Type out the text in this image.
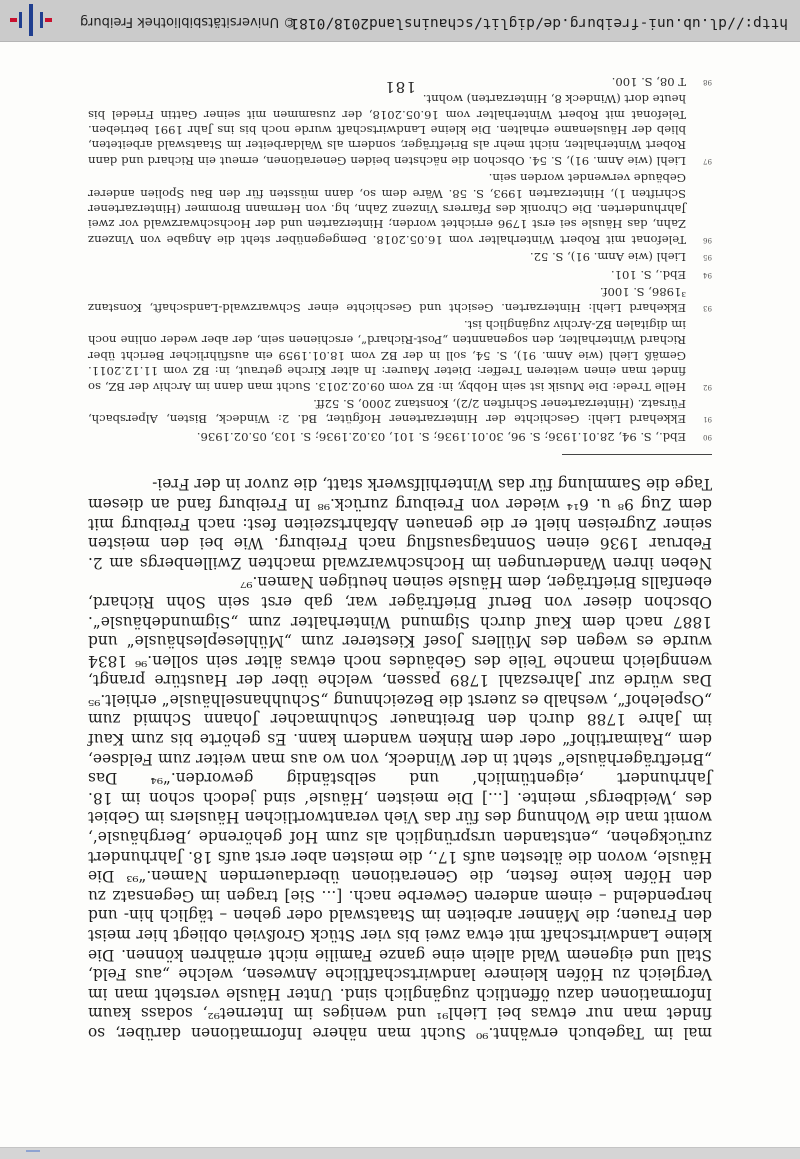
mal im Tagebuch erwähnt.⁹⁰ Sucht man nähere Informationen darüber, so findet man nur etwas bei Liehl⁹¹ und weniges im Internet⁹², sodass kaum Informationen dazu öffentlich zugänglich sind. Unter Häusle versteht man im Vergleich zu Höfen kleinere landwirtschaftliche Anwesen, welche „aus Feld, Stall und eigenem Wald allein eine ganze Familie nicht ernähren können. Die kleine Landwirtschaft mit etwa zwei bis vier Stück Großvieh obliegt hier meist den Frauen; die Männer arbeiten im Staatswald oder gehen – täglich hin- und herpendelnd – einem anderen Gewerbe nach. [... Sie] tragen im Gegensatz zu den Höfen keine festen, die Generationen überdauernden Namen.“⁹³ Die Häusle, wovon die ältesten aufs 17., die meisten aber erst aufs 18. Jahrhundert zurückgehen, „entstanden ursprünglich als zum Hof gehörende ‚Berghäusle‘, womit man die Wohnung des für das Vieh verantwortlichen Häuslers im Gebiet des ‚Weidbergs‘ meinte. [...] Die meisten ‚Häusle‘ sind jedoch schon im 18. Jahrhundert ‚eigentümlich‘ und selbständig geworden.“⁹⁴ Das „Briefträgerhäusle“ steht in der Windeck, von wo aus man weiter zum Feldsee, dem „Raimartihof“ oder dem Rinken wandern kann. Es gehörte bis zum Kauf im Jahre 1788 durch den Breitnauer Schuhmacher Johann Schmid zum „Ospelehof“, weshalb es zuerst die Bezeichnung „Schuhhanselhäusle“ erhielt.⁹⁵ Das würde zur Jahreszahl 1789 passen, welche über der Haustüre prangt, wenngleich manche Teile des Gebäudes noch etwas älter sein sollen.⁹⁶ 1834 wurde es wegen des Müllers Josef Kiesterer zum „Mühlesepleshäusle“ und 1887 nach dem Kauf durch Sigmund Winterhalter zum „Sigmundehäusle“. Obschon dieser von Beruf Briefträger war, gab erst sein Sohn Richard, ebenfalls Briefträger, dem Häusle seinen heutigen Namen.⁹⁷

Neben ihren Wanderungen im Hochschwarzwald machten Zwillenbergs am 2. Februar 1936 einen Sonntagsausflug nach Freiburg. Wie bei den meisten seiner Zugreisen hielt er die genauen Abfahrtszeiten fest: nach Freiburg mit dem Zug 9⁸ u. 6¹⁴ wieder von Freiburg zurück.⁹⁸ In Freiburg fand an diesem Tage die Sammlung für das Winterhilfswerk statt, die zuvor in der Frei-

90
Ebd., S. 94, 28.01.1936; S. 96, 30.01.1936; S. 101, 03.02.1936; S. 103, 05.02.1936.
91
Ekkehard Liehl: Geschichte der Hinterzartener Hofgüter, Bd. 2: Windeck, Bisten, Alpersbach, Fürsatz. (Hinterzartener Schriften 2/2), Konstanz 2000, S. 52ff.
92
Helle Trede: Die Musik ist sein Hobby, in: BZ vom 09.02.2013. Sucht man dann im Archiv der BZ, so findet man einen weiteren Treffer: Dieter Maurer: In alter Kirche getraut, in: BZ vom 11.12.2011. Gemäß Liehl (wie Anm. 91), S. 54, soll in der BZ vom 18.01.1959 ein ausführlicher Bericht über Richard Winterhalter, den sogenannten „Post-Richard“, erschienen sein, der aber weder online noch im digitalen BZ-Archiv zugänglich ist.
93
Ekkehard Liehl: Hinterzarten. Gesicht und Geschichte einer Schwarzwald-Landschaft, Konstanz ³1986, S. 100f.
94
Ebd., S. 101.
95
Liehl (wie Anm. 91), S. 52.
96
Telefonat mit Robert Winterhalter vom 16.05.2018. Demgegenüber steht die Angabe von Vinzenz Zahn, das Häusle sei erst 1796 errichtet worden; Hinterzarten und der Hochschwarzwald vor zwei Jahrhunderten. Die Chronik des Pfarrers Vinzenz Zahn, hg. von Hermann Brommer (Hinterzartener Schriften 1), Hinterzarten 1993, S. 58. Wäre dem so, dann müssten für den Bau Spolien anderer Gebäude verwendet worden sein.
97
Liehl (wie Anm. 91), S. 54. Obschon die nächsten beiden Generationen, erneut ein Richard und dann Robert Winterhalter, nicht mehr als Briefträger, sondern als Waldarbeiter im Staatswald arbeiteten, blieb der Häuslename erhalten. Die kleine Landwirtschaft wurde noch bis ins Jahr 1991 betrieben. Telefonat mit Robert Winterhalter vom 16.05.2018, der zusammen mit seiner Gattin Friedel bis heute dort (Windeck 8, Hinterzarten) wohnt.
98
T 08, S. 100.
181
http://dl.ub.uni-freiburg.de/diglit/schauinsland2018/0181
© Universitätsbibliothek Freiburg
